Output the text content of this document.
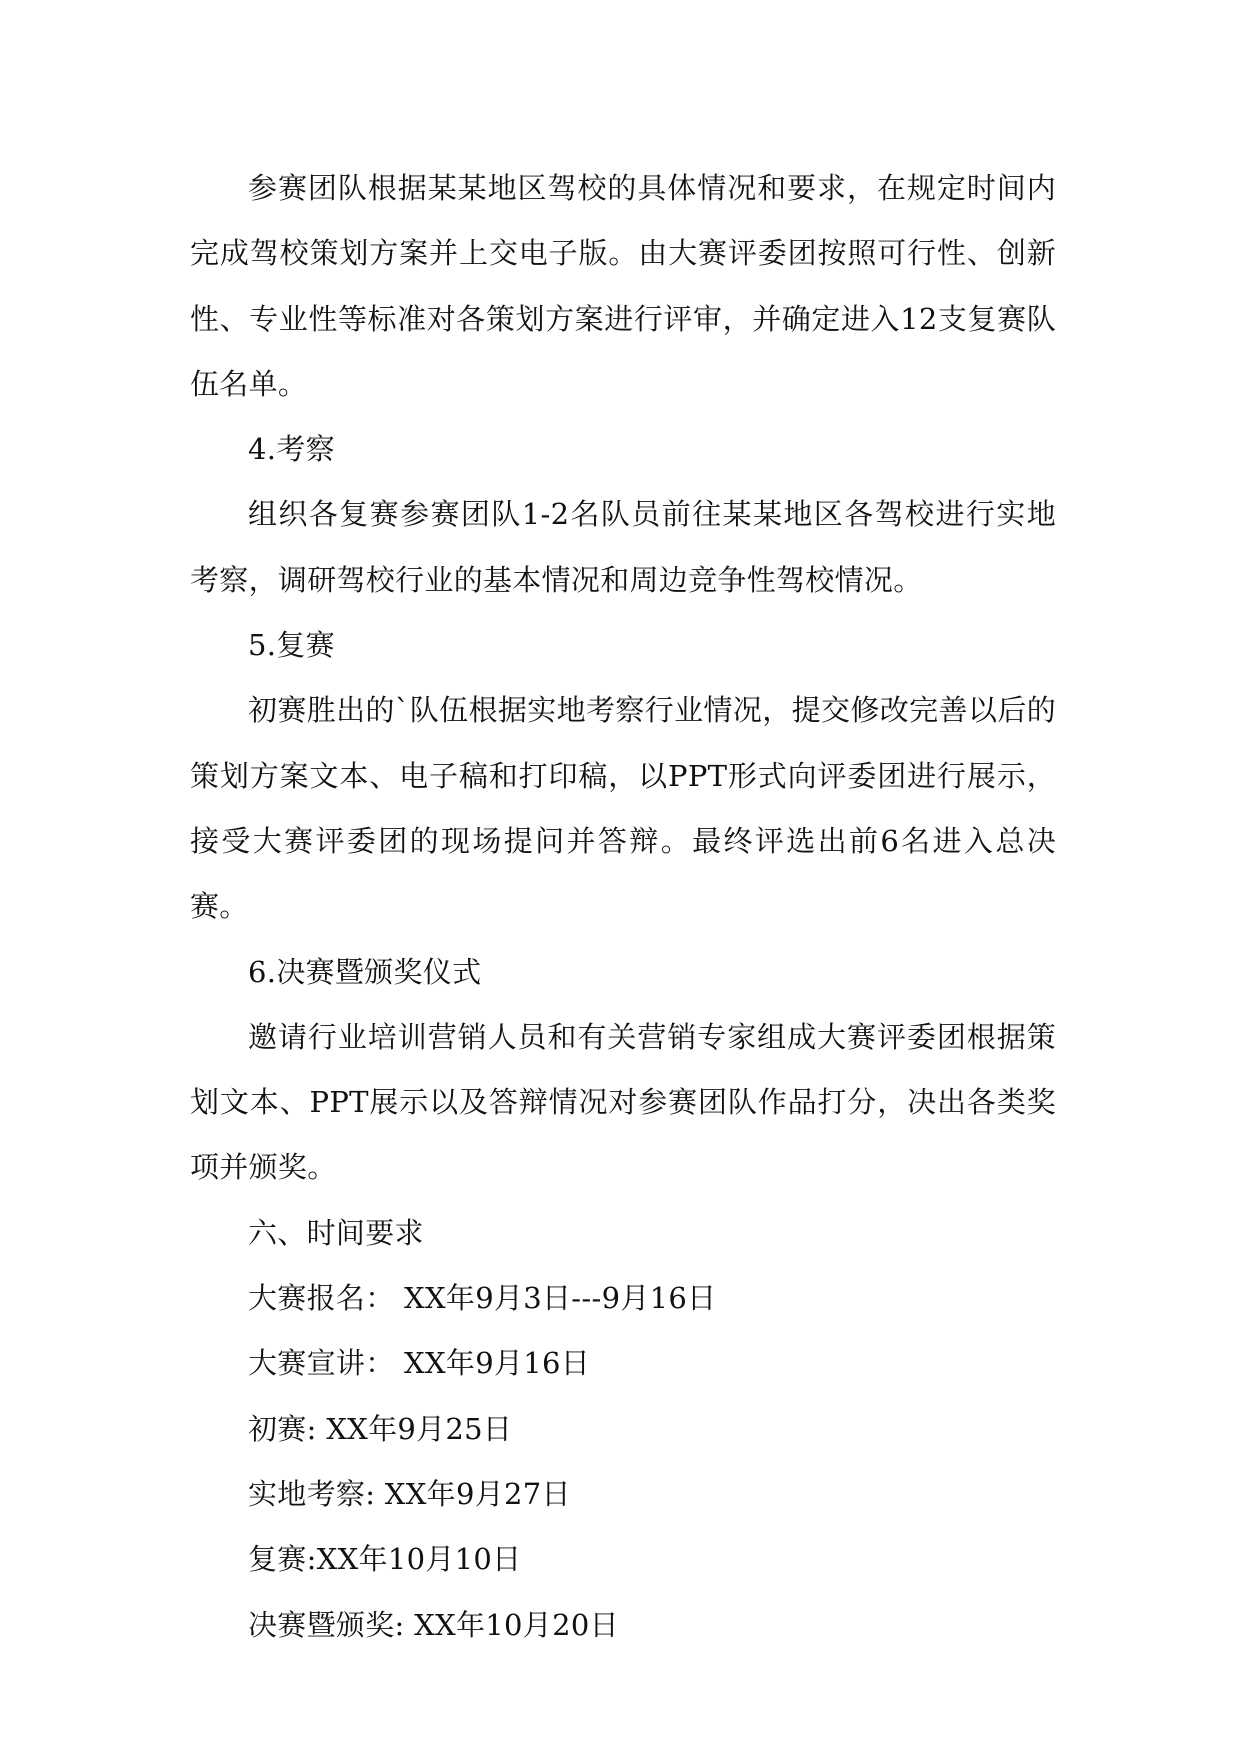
参赛团队根据某某地区驾校的具体情况和要求，在规定时间内完成驾校策划方案并上交电子版。由大赛评委团按照可行性、创新性、专业性等标准对各策划方案进行评审，并确定进入12支复赛队伍名单。

4.考察

组织各复赛参赛团队1-2名队员前往某某地区各驾校进行实地考察，调研驾校行业的基本情况和周边竞争性驾校情况。

5.复赛

初赛胜出的`队伍根据实地考察行业情况，提交修改完善以后的策划方案文本、电子稿和打印稿，以PPT形式向评委团进行展示，接受大赛评委团的现场提问并答辩。最终评选出前6名进入总决赛。

6.决赛暨颁奖仪式

邀请行业培训营销人员和有关营销专家组成大赛评委团根据策划文本、PPT展示以及答辩情况对参赛团队作品打分，决出各类奖项并颁奖。

六、时间要求

大赛报名： XX年9月3日---9月16日

大赛宣讲： XX年9月16日

初赛: XX年9月25日

实地考察: XX年9月27日

复赛:XX年10月10日

决赛暨颁奖: XX年10月20日
